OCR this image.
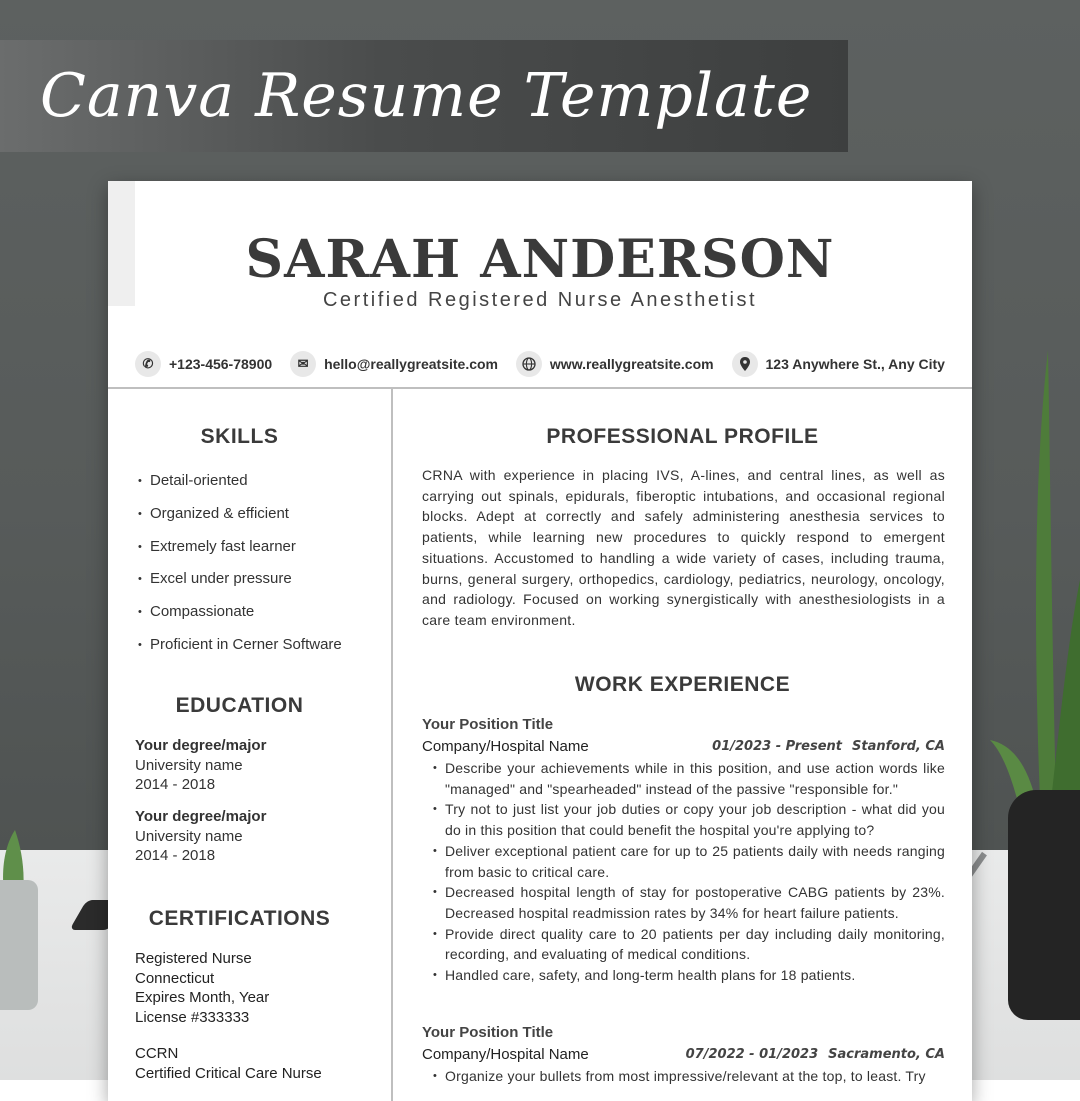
Canva Resume Template
SARAH ANDERSON
Certified Registered Nurse Anesthetist
✆	+123-456-78900	✉	hello@reallygreatsite.com	www.reallygreatsite.com	123 Anywhere St., Any City
SKILLS
• Detail-oriented
• Organized & efficient
• Extremely fast learner
• Excel under pressure
• Compassionate
• Proficient in Cerner Software
EDUCATION
Your degree/major
University name
2014 - 2018
Your degree/major
University name
2014 - 2018
CERTIFICATIONS
Registered Nurse
Connecticut
Expires Month, Year
License #333333
CCRN
Certified Critical Care Nurse
PROFESSIONAL PROFILE
CRNA with experience in placing IVS, A-lines, and central lines, as well as carrying out spinals, epidurals, fiberoptic intubations, and occasional regional blocks. Adept at correctly and safely administering anesthesia services to patients, while learning new procedures to quickly respond to emergent situations. Accustomed to handling a wide variety of cases, including trauma, burns, general surgery, orthopedics, cardiology, pediatrics, neurology, oncology, and radiology. Focused on working synergistically with anesthesiologists in a care team environment.
WORK EXPERIENCE
Your Position Title
Company/Hospital Name	01/2023 - Present Stanford, CA
• Describe your achievements while in this position, and use action words like "managed" and "spearheaded" instead of the passive "responsible for."
• Try not to just list your job duties or copy your job description - what did you do in this position that could benefit the hospital you're applying to?
• Deliver exceptional patient care for up to 25 patients daily with needs ranging from basic to critical care.
• Decreased hospital length of stay for postoperative CABG patients by 23%. Decreased hospital readmission rates by 34% for heart failure patients.
• Provide direct quality care to 20 patients per day including daily monitoring, recording, and evaluating of medical conditions.
• Handled care, safety, and long-term health plans for 18 patients.
Your Position Title
Company/Hospital Name	07/2022 - 01/2023 Sacramento, CA
• Organize your bullets from most impressive/relevant at the top, to least. Try
